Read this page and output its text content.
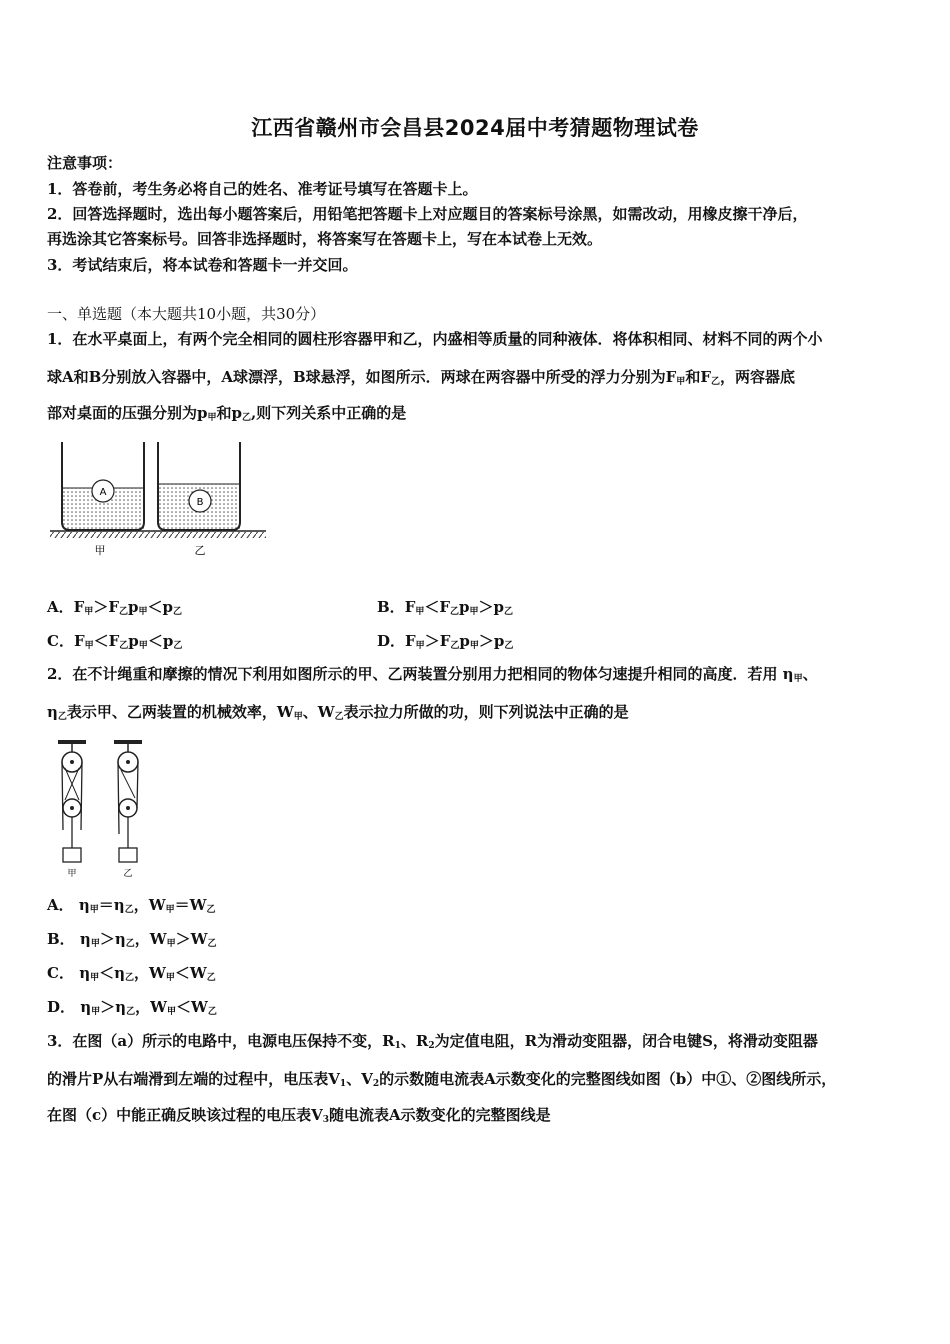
江西省赣州市会昌县2024届中考猜题物理试卷
注意事项：
1．答卷前，考生务必将自己的姓名、准考证号填写在答题卡上。
2．回答选择题时，选出每小题答案后，用铅笔把答题卡上对应题目的答案标号涂黑，如需改动，用橡皮擦干净后，
再选涂其它答案标号。回答非选择题时，将答案写在答题卡上，写在本试卷上无效。
3．考试结束后，将本试卷和答题卡一并交回。
一、单选题（本大题共10小题，共30分）
1．在水平桌面上，有两个完全相同的圆柱形容器甲和乙，内盛相等质量的同种液体．将体积相同、材料不同的两个小
球A和B分别放入容器中，A球漂浮，B球悬浮，如图所示．两球在两容器中所受的浮力分别为$F_甲$和$F_乙$，两容器底
部对桌面的压强分别为$p_甲$和$p_乙$,则下列关系中正确的是
A
B
甲	乙
A．$F_甲>F_乙p_甲<p_乙$	B．$F_甲<F_乙p_甲>p_乙$
C．$F_甲<F_乙p_甲<p_乙$	D．$F_甲>F_乙p_甲>p_乙$
2．在不计绳重和摩擦的情况下利用如图所示的甲、乙两装置分别用力把相同的物体匀速提升相同的高度．若用 $\eta_甲$、
$\eta_乙$表示甲、乙两装置的机械效率，$W_甲$、$W_乙$表示拉力所做的功，则下列说法中正确的是
甲	乙
A． $\eta_甲=\eta_乙$，$W_甲=W_乙$
B． $\eta_甲>\eta_乙$，$W_甲>W_乙$
C． $\eta_甲<\eta_乙$，$W_甲<W_乙$
D． $\eta_甲>\eta_乙$，$W_甲<W_乙$
3．在图（a）所示的电路中，电源电压保持不变，$R_1$、$R_2$为定值电阻，R为滑动变阻器，闭合电键S，将滑动变阻器
的滑片P从右端滑到左端的过程中，电压表$V_1$、$V_2$的示数随电流表A示数变化的完整图线如图（b）中①、②图线所示，
在图（c）中能正确反映该过程的电压表$V_3$随电流表A示数变化的完整图线是
